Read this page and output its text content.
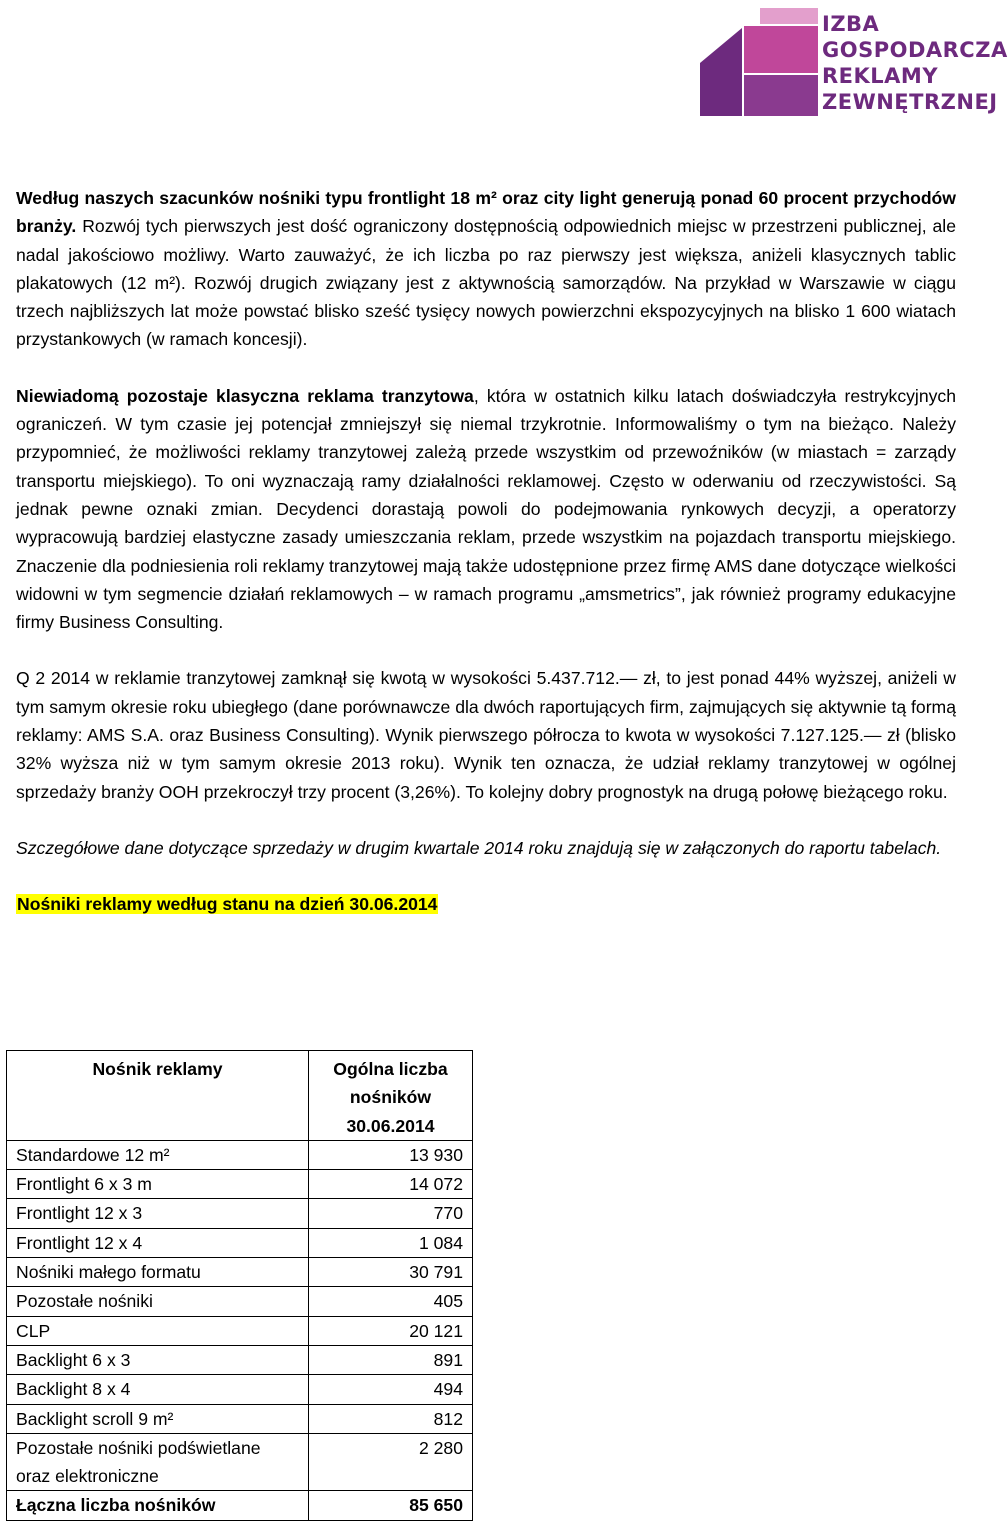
IZBA
GOSPODARCZA
REKLAMY
ZEWNĘTRZNEJ

Według naszych szacunków nośniki typu frontlight 18 m² oraz city light generują ponad 60 procent przychodów branży. Rozwój tych pierwszych jest dość ograniczony dostępnością odpowiednich miejsc w przestrzeni publicznej, ale nadal jakościowo możliwy. Warto zauważyć, że ich liczba po raz pierwszy jest większa, aniżeli klasycznych tablic plakatowych (12 m²). Rozwój drugich związany jest z aktywnością samorządów. Na przykład w Warszawie w ciągu trzech najbliższych lat może powstać blisko sześć tysięcy nowych powierzchni ekspozycyjnych na blisko 1 600 wiatach przystankowych (w ramach koncesji).

Niewiadomą pozostaje klasyczna reklama tranzytowa, która w ostatnich kilku latach doświadczyła restrykcyjnych ograniczeń. W tym czasie jej potencjał zmniejszył się niemal trzykrotnie. Informowaliśmy o tym na bieżąco. Należy przypomnieć, że możliwości reklamy tranzytowej zależą przede wszystkim od przewoźników (w miastach = zarządy transportu miejskiego). To oni wyznaczają ramy działalności reklamowej. Często w oderwaniu od rzeczywistości. Są jednak pewne oznaki zmian. Decydenci dorastają powoli do podejmowania rynkowych decyzji, a operatorzy wypracowują bardziej elastyczne zasady umieszczania reklam, przede wszystkim na pojazdach transportu miejskiego. Znaczenie dla podniesienia roli reklamy tranzytowej mają także udostępnione przez firmę AMS dane dotyczące wielkości widowni w tym segmencie działań reklamowych – w ramach programu „amsmetrics”, jak również programy edukacyjne firmy Business Consulting.

Q 2 2014 w reklamie tranzytowej zamknął się kwotą w wysokości 5.437.712.— zł, to jest ponad 44% wyższej, aniżeli w tym samym okresie roku ubiegłego (dane porównawcze dla dwóch raportujących firm, zajmujących się aktywnie tą formą reklamy: AMS S.A. oraz Business Consulting). Wynik pierwszego półrocza to kwota w wysokości 7.127.125.— zł (blisko 32% wyższa niż w tym samym okresie 2013 roku). Wynik ten oznacza, że udział reklamy tranzytowej w ogólnej sprzedaży branży OOH przekroczył trzy procent (3,26%). To kolejny dobry prognostyk na drugą połowę bieżącego roku.

Szczegółowe dane dotyczące sprzedaży w drugim kwartale 2014 roku znajdują się w załączonych do raportu tabelach.

Nośniki reklamy według stanu na dzień 30.06.2014

Nośnik reklamy	Ogólna liczba nośników 30.06.2014
Standardowe 12 m²	13 930
Frontlight 6 x 3 m	14 072
Frontlight 12 x 3	770
Frontlight 12 x 4	1 084
Nośniki małego formatu	30 791
Pozostałe nośniki	405
CLP	20 121
Backlight 6 x 3	891
Backlight 8 x 4	494
Backlight scroll 9 m²	812
Pozostałe nośniki podświetlane oraz elektroniczne	2 280
Łączna liczba nośników	85 650
